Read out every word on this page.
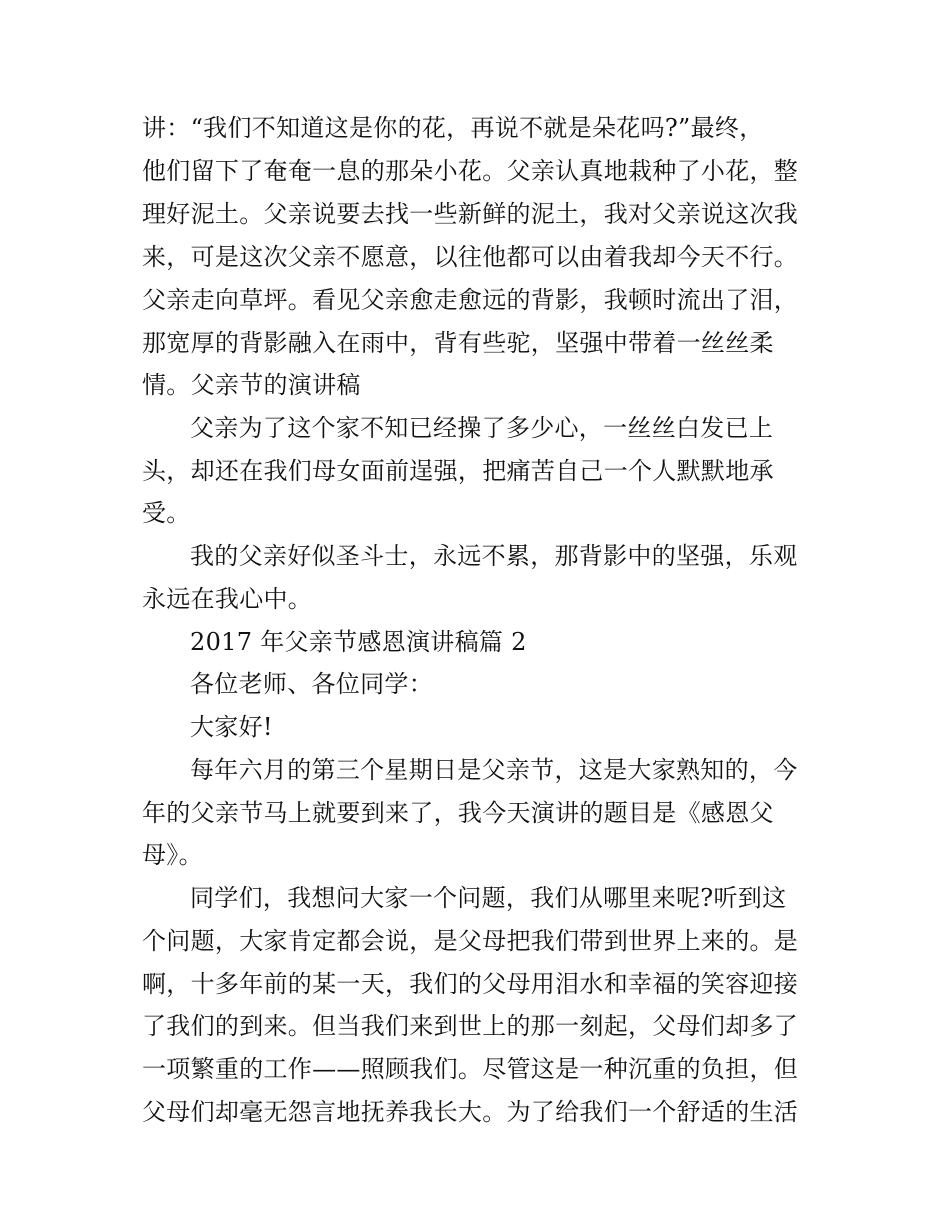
讲：“我们不知道这是你的花，再说不就是朵花吗?”最终，
他们留下了奄奄一息的那朵小花。父亲认真地栽种了小花，整
理好泥土。父亲说要去找一些新鲜的泥土，我对父亲说这次我
来，可是这次父亲不愿意，以往他都可以由着我却今天不行。
父亲走向草坪。看见父亲愈走愈远的背影，我顿时流出了泪，
那宽厚的背影融入在雨中，背有些驼，坚强中带着一丝丝柔
情。父亲节的演讲稿
父亲为了这个家不知已经操了多少心，一丝丝白发已上
头，却还在我们母女面前逞强，把痛苦自己一个人默默地承
受。
我的父亲好似圣斗士，永远不累，那背影中的坚强，乐观
永远在我心中。
2017 年父亲节感恩演讲稿篇 2
各位老师、各位同学：
大家好!
每年六月的第三个星期日是父亲节，这是大家熟知的，今
年的父亲节马上就要到来了，我今天演讲的题目是《感恩父
母》。
同学们，我想问大家一个问题，我们从哪里来呢?听到这
个问题，大家肯定都会说，是父母把我们带到世界上来的。是
啊，十多年前的某一天，我们的父母用泪水和幸福的笑容迎接
了我们的到来。但当我们来到世上的那一刻起，父母们却多了
一项繁重的工作——照顾我们。尽管这是一种沉重的负担，但
父母们却毫无怨言地抚养我长大。为了给我们一个舒适的生活
